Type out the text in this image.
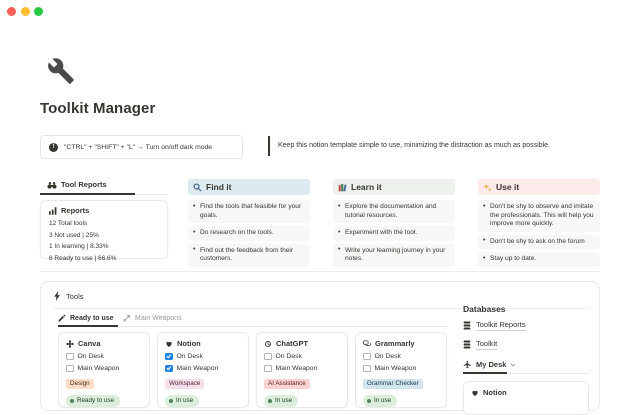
Toolkit Manager
!	"CTRL" + "SHIFT" + "L" → Turn on/off dark mode	Keep this notion template simple to use, minimizing the distraction as much as possible.
Tool Reports
Reports
12 Total tools
3 Not used | 25%
1 In learning | 8.33%
8 Ready to use | 66.6%
Find it
• Find the tools that feasible for your goals.
• Do research on the tools.
• Find out the feedback from their customers.
Learn it
• Explore the documentation and tutorial resources.
• Experiment with the tool.
• Write your learning journey in your notes.
Use it
• Don't be shy to observe and imitate the professionals. This will help you improve more quickly.
• Don't be shy to ask on the forum
• Stay up to date.
Tools
Ready to use	Main Weapons
Canva
On Desk
Main Weapon
Design
Ready to use
Notion
On Desk
Main Weapon
Workspace
In use
ChatGPT
On Desk
Main Weapon
AI Assistance
In use
Grammarly
On Desk
Main Weapon
Grammar Checker
In use
Databases
Toolkit Reports
Toolkit
My Desk
Notion
